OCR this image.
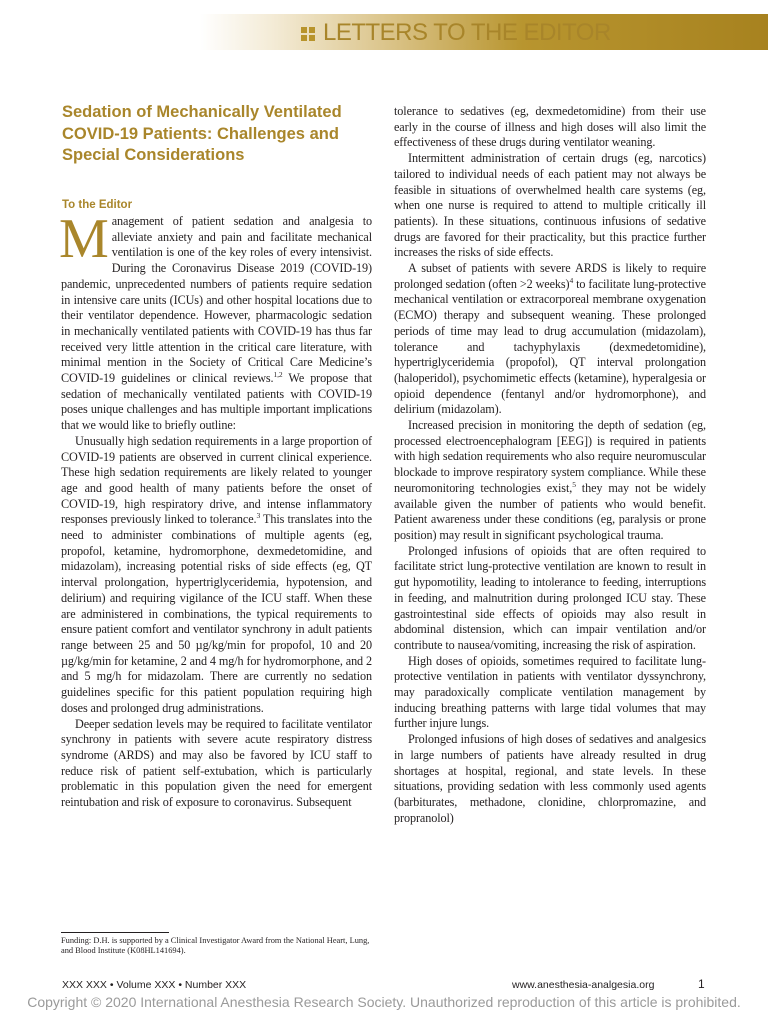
LETTERS TO THE EDITOR
Sedation of Mechanically Ventilated COVID-19 Patients: Challenges and Special Considerations

To the Editor

Management of patient sedation and analgesia to alleviate anxiety and pain and facilitate mechanical ventilation is one of the key roles of every intensivist. During the Coronavirus Disease 2019 (COVID-19) pandemic, unprecedented numbers of patients require sedation in intensive care units (ICUs) and other hospital locations due to their ventilator dependence. However, pharmacologic sedation in mechanically ventilated patients with COVID-19 has thus far received very little attention in the critical care literature, with minimal mention in the Society of Critical Care Medicine’s COVID-19 guidelines or clinical reviews.$^{1,2}$ We propose that sedation of mechanically ventilated patients with COVID-19 poses unique challenges and has multiple important implications that we would like to briefly outline:

Unusually high sedation requirements in a large proportion of COVID-19 patients are observed in current clinical experience. These high sedation requirements are likely related to younger age and good health of many patients before the onset of COVID-19, high respiratory drive, and intense inflammatory responses previously linked to tolerance.$^3$ This translates into the need to administer combinations of multiple agents (eg, propofol, ketamine, hydromorphone, dexmedetomidine, and midazolam), increasing potential risks of side effects (eg, QT interval prolongation, hypertriglyceridemia, hypotension, and delirium) and requiring vigilance of the ICU staff. When these are administered in combinations, the typical requirements to ensure patient comfort and ventilator synchrony in adult patients range between 25 and 50 µg/kg/min for propofol, 10 and 20 µg/kg/min for ketamine, 2 and 4 mg/h for hydromorphone, and 2 and 5 mg/h for midazolam. There are currently no sedation guidelines specific for this patient population requiring high doses and prolonged drug administrations.

Deeper sedation levels may be required to facilitate ventilator synchrony in patients with severe acute respiratory distress syndrome (ARDS) and may also be favored by ICU staff to reduce risk of patient self-extubation, which is particularly problematic in this population given the need for emergent reintubation and risk of exposure to coronavirus. Subsequent

tolerance to sedatives (eg, dexmedetomidine) from their use early in the course of illness and high doses will also limit the effectiveness of these drugs during ventilator weaning.

Intermittent administration of certain drugs (eg, narcotics) tailored to individual needs of each patient may not always be feasible in situations of overwhelmed health care systems (eg, when one nurse is required to attend to multiple critically ill patients). In these situations, continuous infusions of sedative drugs are favored for their practicality, but this practice further increases the risks of side effects.

A subset of patients with severe ARDS is likely to require prolonged sedation (often >2 weeks)$^4$ to facilitate lung-protective mechanical ventilation or extracorporeal membrane oxygenation (ECMO) therapy and subsequent weaning. These prolonged periods of time may lead to drug accumulation (midazolam), tolerance and tachyphylaxis (dexmedetomidine), hypertriglyceridemia (propofol), QT interval prolongation (haloperidol), psychomimetic effects (ketamine), hyperalgesia or opioid dependence (fentanyl and/or hydromorphone), and delirium (midazolam).

Increased precision in monitoring the depth of sedation (eg, processed electroencephalogram [EEG]) is required in patients with high sedation requirements who also require neuromuscular blockade to improve respiratory system compliance. While these neuromonitoring technologies exist,$^5$ they may not be widely available given the number of patients who would benefit. Patient awareness under these conditions (eg, paralysis or prone position) may result in significant psychological trauma.

Prolonged infusions of opioids that are often required to facilitate strict lung-protective ventilation are known to result in gut hypomotility, leading to intolerance to feeding, interruptions in feeding, and malnutrition during prolonged ICU stay. These gastrointestinal side effects of opioids may also result in abdominal distension, which can impair ventilation and/or contribute to nausea/vomiting, increasing the risk of aspiration.

High doses of opioids, sometimes required to facilitate lung-protective ventilation in patients with ventilator dyssynchrony, may paradoxically complicate ventilation management by inducing breathing patterns with large tidal volumes that may further injure lungs.

Prolonged infusions of high doses of sedatives and analgesics in large numbers of patients have already resulted in drug shortages at hospital, regional, and state levels. In these situations, providing sedation with less commonly used agents (barbiturates, methadone, clonidine, chlorpromazine, and propranolol)

Funding: D.H. is supported by a Clinical Investigator Award from the National Heart, Lung, and Blood Institute (K08HL141694).

XXX XXX • Volume XXX • Number XXX	www.anesthesia-analgesia.org	1
Copyright © 2020 International Anesthesia Research Society. Unauthorized reproduction of this article is prohibited.
